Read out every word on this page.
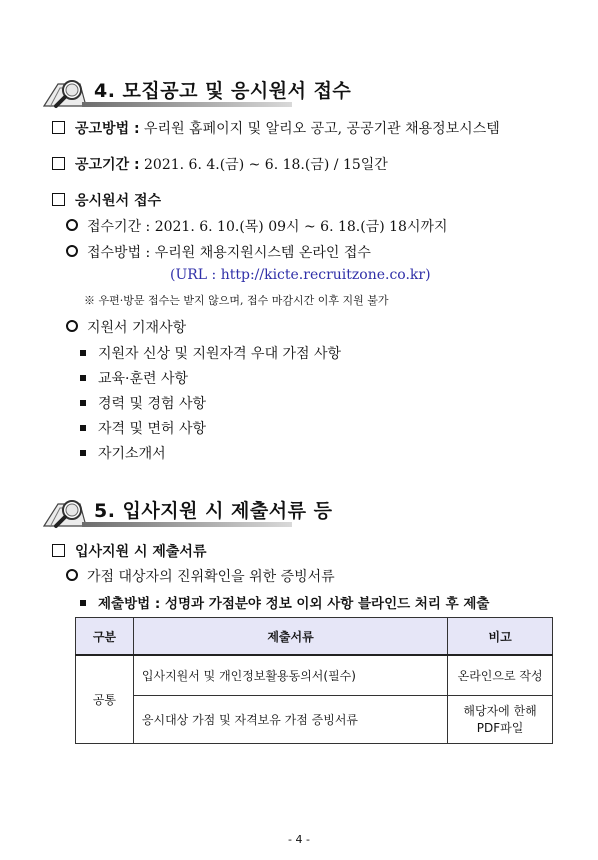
4. 모집공고 및 응시원서 접수
공고방법 : 우리원 홈페이지 및 알리오 공고, 공공기관 채용정보시스템
공고기간 : 2021. 6. 4.(금) ~ 6. 18.(금) / 15일간
응시원서 접수
접수기간 : 2021. 6. 10.(목) 09시 ~ 6. 18.(금) 18시까지
접수방법 : 우리원 채용지원시스템 온라인 접수
(URL : http://kicte.recruitzone.co.kr)
※ 우편·방문 접수는 받지 않으며, 접수 마감시간 이후 지원 불가
지원서 기재사항
지원자 신상 및 지원자격 우대 가점 사항
교육·훈련 사항
경력 및 경험 사항
자격 및 면허 사항
자기소개서
5. 입사지원 시 제출서류 등
입사지원 시 제출서류
가점 대상자의 진위확인을 위한 증빙서류
제출방법 : 성명과 가점분야 정보 이외 사항 블라인드 처리 후 제출
구분	제출서류	비고
공통	입사지원서 및 개인정보활용동의서(필수)	온라인으로 작성
	응시대상 가점 및 자격보유 가점 증빙서류	해당자에 한해
PDF파일
- 4 -
